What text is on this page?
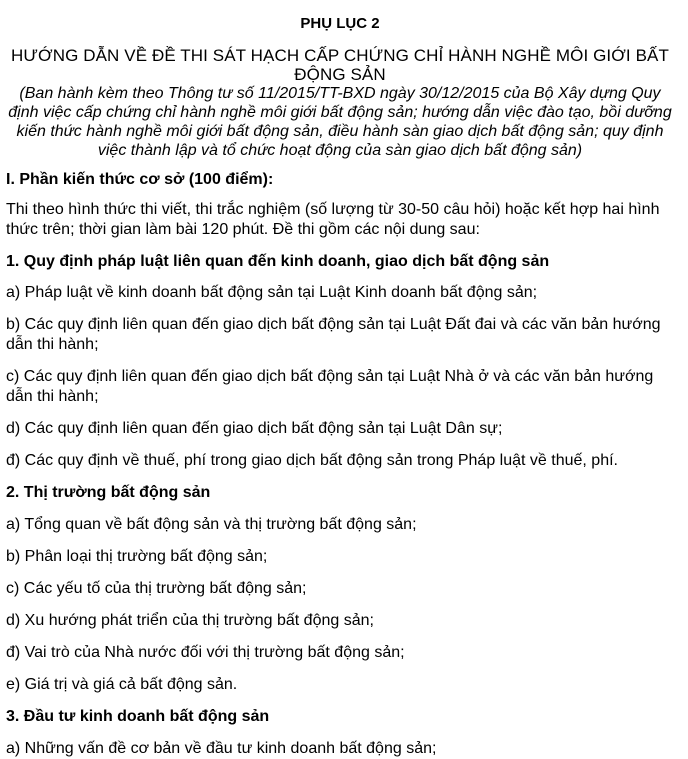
PHỤ LỤC 2

HƯỚNG DẪN VỀ ĐỀ THI SÁT HẠCH CẤP CHỨNG CHỈ HÀNH NGHỀ MÔI GIỚI BẤT ĐỘNG SẢN

(Ban hành kèm theo Thông tư số 11/2015/TT-BXD ngày 30/12/2015 của Bộ Xây dựng Quy định việc cấp chứng chỉ hành nghề môi giới bất động sản; hướng dẫn việc đào tạo, bồi dưỡng kiến thức hành nghề môi giới bất động sản, điều hành sàn giao dịch bất động sản; quy định việc thành lập và tổ chức hoạt động của sàn giao dịch bất động sản)

I. Phần kiến thức cơ sở (100 điểm):

Thi theo hình thức thi viết, thi trắc nghiệm (số lượng từ 30-50 câu hỏi) hoặc kết hợp hai hình thức trên; thời gian làm bài 120 phút. Đề thi gồm các nội dung sau:

1. Quy định pháp luật liên quan đến kinh doanh, giao dịch bất động sản

a) Pháp luật về kinh doanh bất động sản tại Luật Kinh doanh bất động sản;

b) Các quy định liên quan đến giao dịch bất động sản tại Luật Đất đai và các văn bản hướng dẫn thi hành;

c) Các quy định liên quan đến giao dịch bất động sản tại Luật Nhà ở và các văn bản hướng dẫn thi hành;

d) Các quy định liên quan đến giao dịch bất động sản tại Luật Dân sự;

đ) Các quy định về thuế, phí trong giao dịch bất động sản trong Pháp luật về thuế, phí.

2. Thị trường bất động sản

a) Tổng quan về bất động sản và thị trường bất động sản;

b) Phân loại thị trường bất động sản;

c) Các yếu tố của thị trường bất động sản;

d) Xu hướng phát triển của thị trường bất động sản;

đ) Vai trò của Nhà nước đối với thị trường bất động sản;

e) Giá trị và giá cả bất động sản.

3. Đầu tư kinh doanh bất động sản

a) Những vấn đề cơ bản về đầu tư kinh doanh bất động sản;
